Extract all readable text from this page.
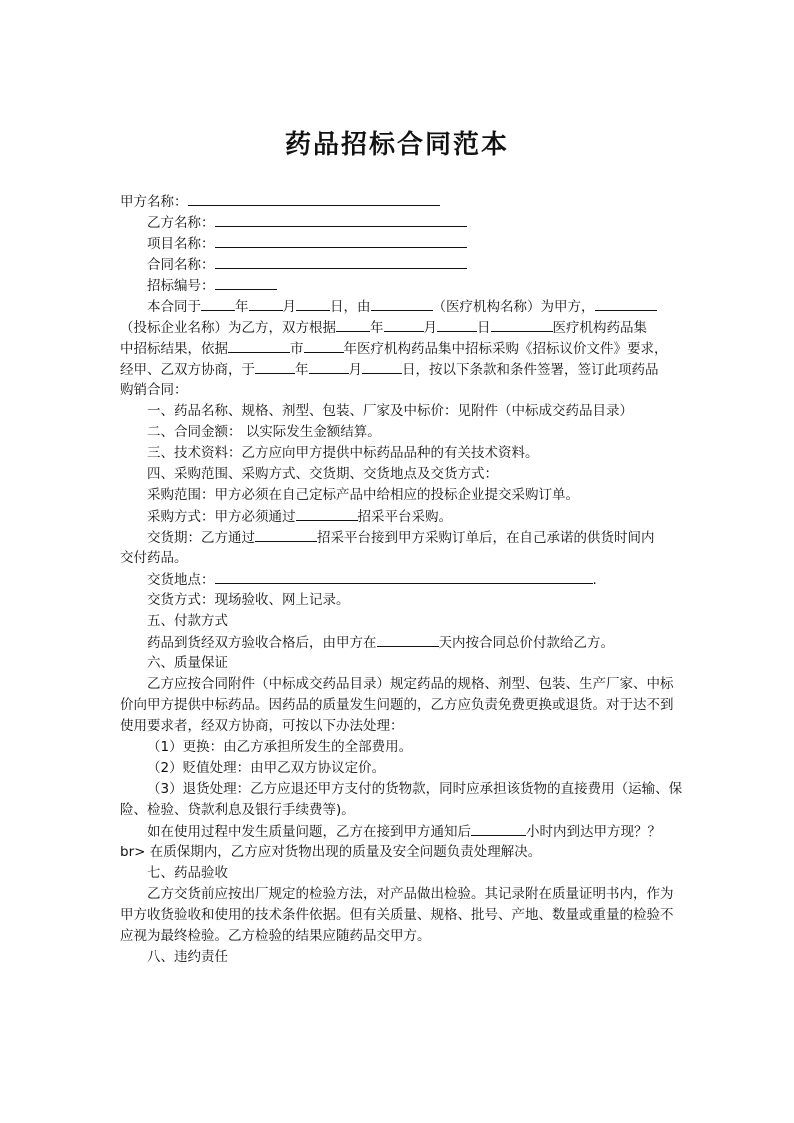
药品招标合同范本
甲方名称：
乙方名称：
项目名称：
合同名称：
招标编号：
本合同于	年	月	日，由	（医疗机构名称）为甲方，
（投标企业名称）为乙方，双方根据	年	月	日	医疗机构药品集
中招标结果，依据	市	年医疗机构药品集中招标采购《招标议价文件》要求，
经甲、乙双方协商，于	年	月	日，按以下条款和条件签署，签订此项药品
购销合同：
一、药品名称、规格、剂型、包装、厂家及中标价：见附件（中标成交药品目录）
二、合同金额： 以实际发生金额结算。
三、技术资料：乙方应向甲方提供中标药品品种的有关技术资料。
四、采购范围、采购方式、交货期、交货地点及交货方式：
采购范围：甲方必须在自己定标产品中给相应的投标企业提交采购订单。
采购方式：甲方必须通过	招采平台采购。
交货期：乙方通过	招采平台接到甲方采购订单后，在自己承诺的供货时间内
交付药品。
交货地点：	.
交货方式：现场验收、网上记录。
五、付款方式
药品到货经双方验收合格后，由甲方在	天内按合同总价付款给乙方。
六、质量保证
乙方应按合同附件（中标成交药品目录）规定药品的规格、剂型、包装、生产厂家、中标价向甲方提供中标药品。因药品的质量发生问题的，乙方应负责免费更换或退货。对于达不到使用要求者，经双方协商，可按以下办法处理：
（1）更换：由乙方承担所发生的全部费用。
（2）贬值处理：由甲乙双方协议定价。
（3）退货处理：乙方应退还甲方支付的货物款，同时应承担该货物的直接费用（运输、保险、检验、贷款利息及银行手续费等)。
如在使用过程中发生质量问题，乙方在接到甲方通知后	小时内到达甲方现？？
br> 在质保期内，乙方应对货物出现的质量及安全问题负责处理解决。
七、药品验收
乙方交货前应按出厂规定的检验方法，对产品做出检验。其记录附在质量证明书内，作为甲方收货验收和使用的技术条件依据。但有关质量、规格、批号、产地、数量或重量的检验不应视为最终检验。乙方检验的结果应随药品交甲方。
八、违约责任
